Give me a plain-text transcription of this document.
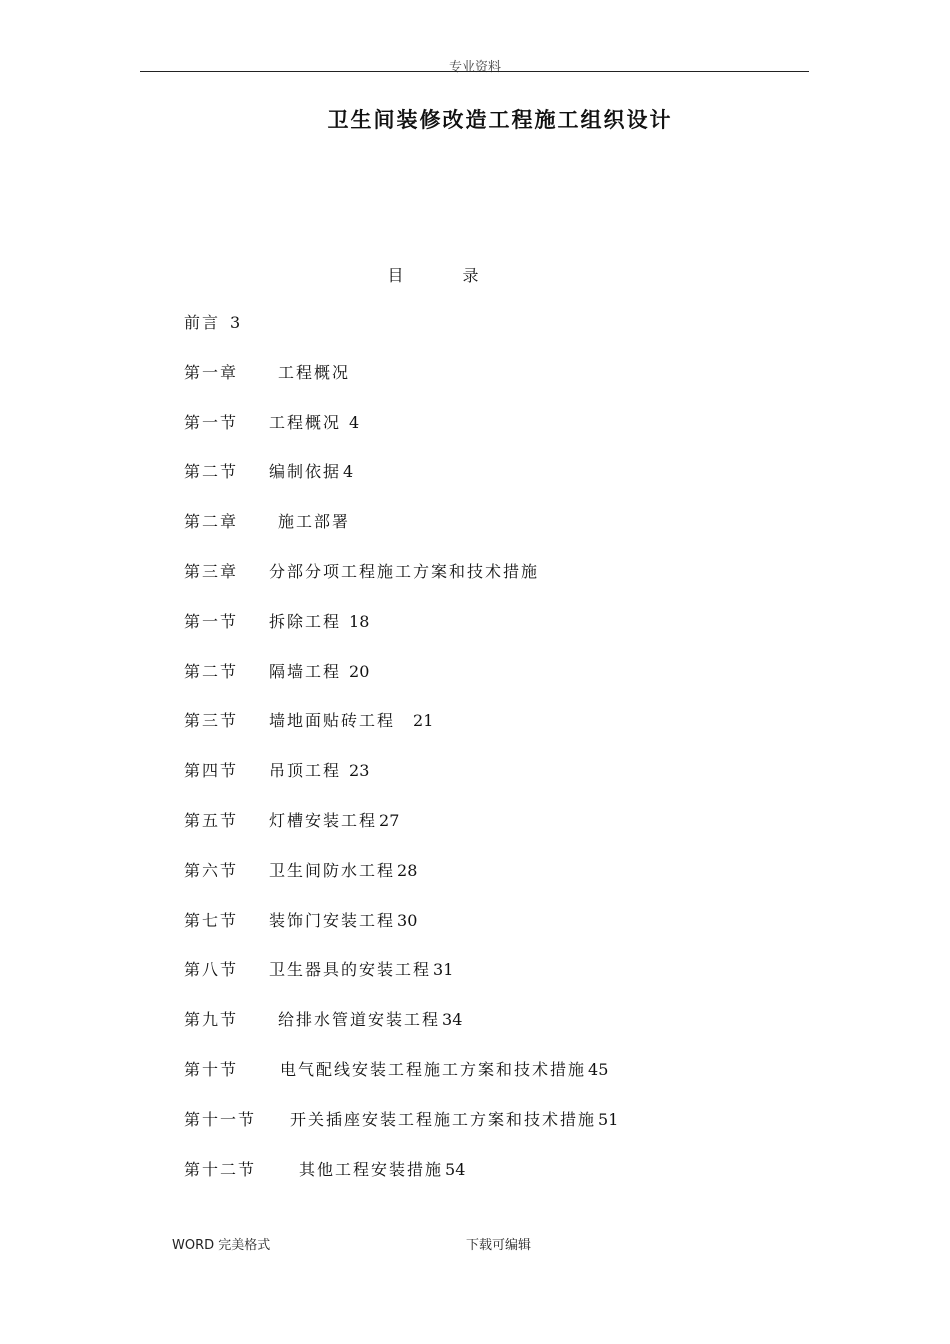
专业资料
卫生间装修改造工程施工组织设计
目 录
前言 3
第一章 工程概况
第一节 工程概况 4
第二节 编制依据 4
第二章 施工部署
第三章 分部分项工程施工方案和技术措施
第一节 拆除工程 18
第二节 隔墙工程 20
第三节 墙地面贴砖工程 21
第四节 吊顶工程 23
第五节 灯槽安装工程 27
第六节 卫生间防水工程 28
第七节 装饰门安装工程 30
第八节 卫生器具的安装工程 31
第九节 给排水管道安装工程 34
第十节	电气配线安装工程施工方案和技术措施 45
第十一节 开关插座安装工程施工方案和技术措施 51
第十二节	其他工程安装措施 54
WORD 完美格式	下载可编辑
